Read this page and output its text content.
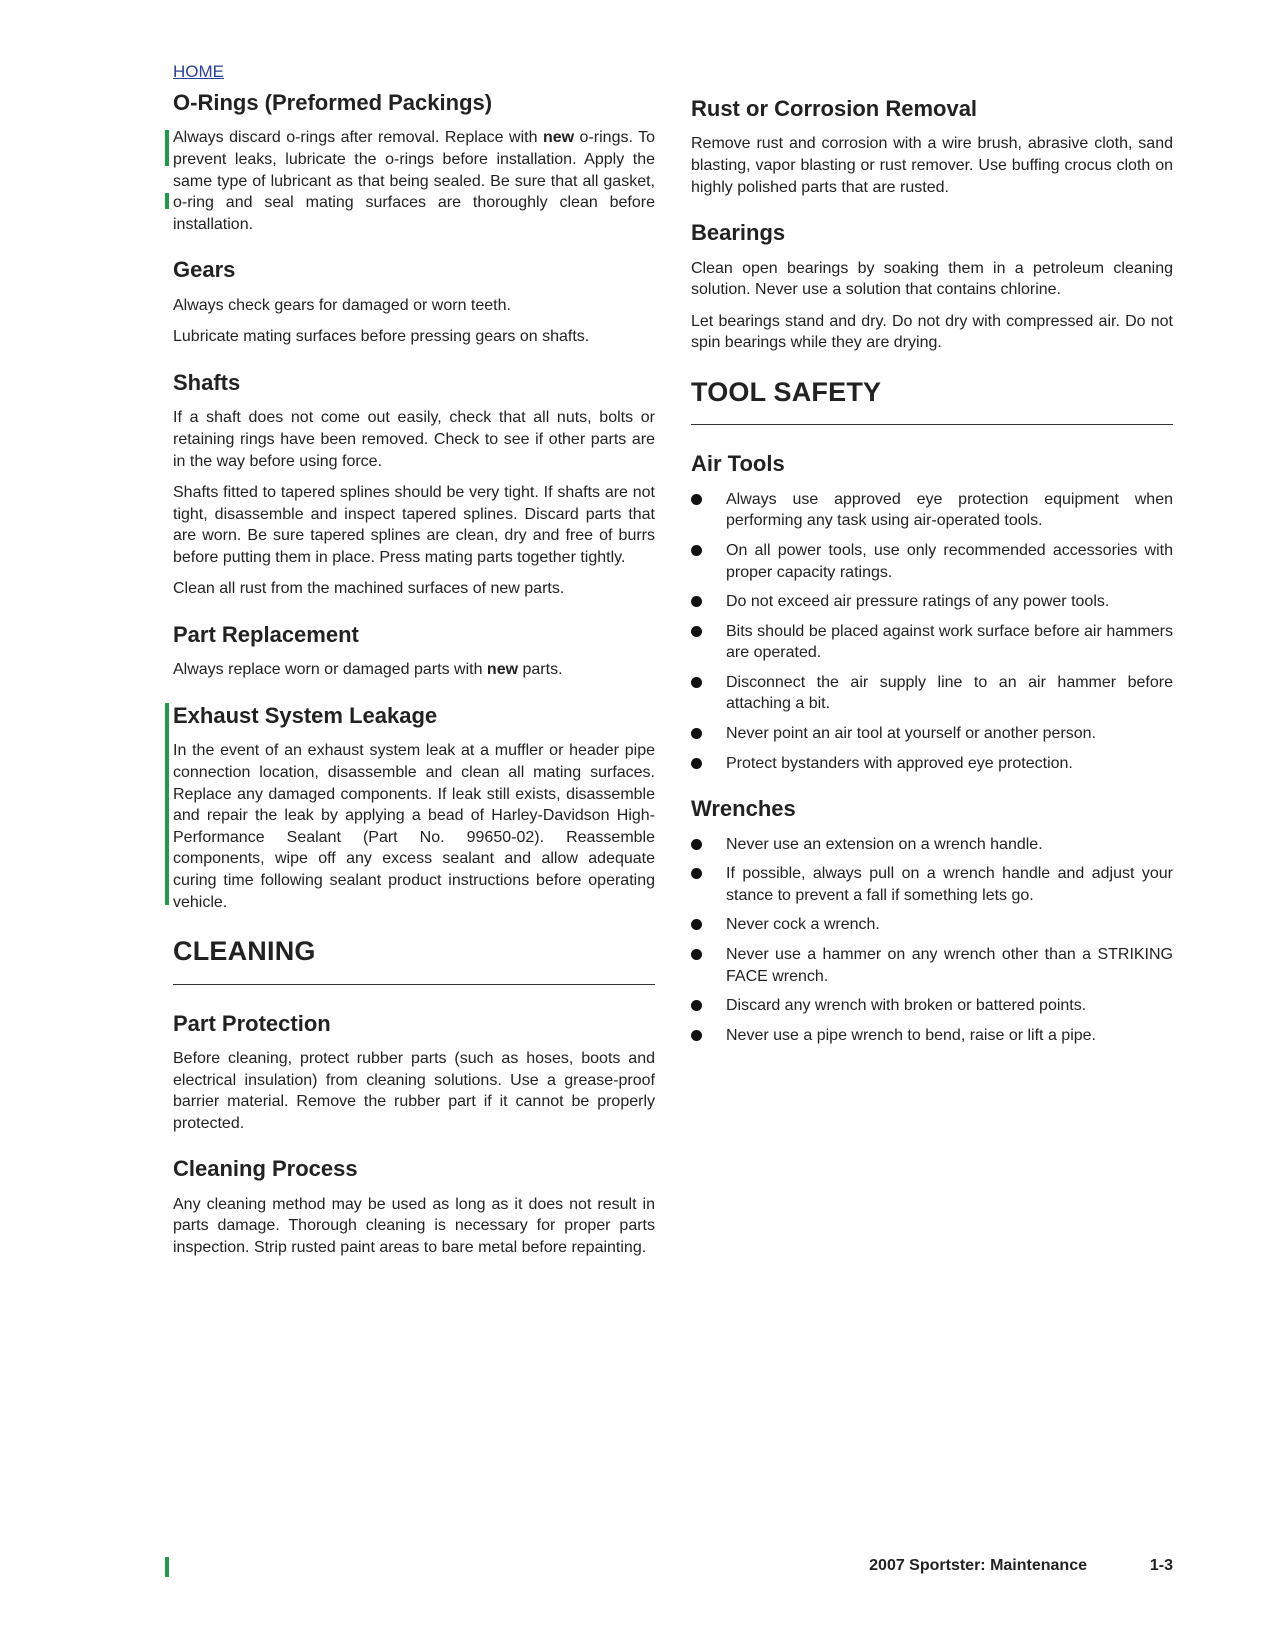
HOME
O-Rings (Preformed Packings)

Always discard o-rings after removal. Replace with new o-rings. To prevent leaks, lubricate the o-rings before installation. Apply the same type of lubricant as that being sealed. Be sure that all gasket, o-ring and seal mating surfaces are thoroughly clean before installation.

Gears

Always check gears for damaged or worn teeth.

Lubricate mating surfaces before pressing gears on shafts.

Shafts

If a shaft does not come out easily, check that all nuts, bolts or retaining rings have been removed. Check to see if other parts are in the way before using force.

Shafts fitted to tapered splines should be very tight. If shafts are not tight, disassemble and inspect tapered splines. Discard parts that are worn. Be sure tapered splines are clean, dry and free of burrs before putting them in place. Press mating parts together tightly.

Clean all rust from the machined surfaces of new parts.

Part Replacement

Always replace worn or damaged parts with new parts.

Exhaust System Leakage

In the event of an exhaust system leak at a muffler or header pipe connection location, disassemble and clean all mating surfaces. Replace any damaged components. If leak still exists, disassemble and repair the leak by applying a bead of Harley-Davidson High-Performance Sealant (Part No. 99650-02). Reassemble components, wipe off any excess sealant and allow adequate curing time following sealant product instructions before operating vehicle.

CLEANING
Part Protection

Before cleaning, protect rubber parts (such as hoses, boots and electrical insulation) from cleaning solutions. Use a grease-proof barrier material. Remove the rubber part if it cannot be properly protected.

Cleaning Process

Any cleaning method may be used as long as it does not result in parts damage. Thorough cleaning is necessary for proper parts inspection. Strip rusted paint areas to bare metal before repainting.

Rust or Corrosion Removal

Remove rust and corrosion with a wire brush, abrasive cloth, sand blasting, vapor blasting or rust remover. Use buffing crocus cloth on highly polished parts that are rusted.

Bearings

Clean open bearings by soaking them in a petroleum cleaning solution. Never use a solution that contains chlorine.

Let bearings stand and dry. Do not dry with compressed air. Do not spin bearings while they are drying.

TOOL SAFETY
Air Tools
Always use approved eye protection equipment when performing any task using air-operated tools.
On all power tools, use only recommended accessories with proper capacity ratings.
Do not exceed air pressure ratings of any power tools.
Bits should be placed against work surface before air hammers are operated.
Disconnect the air supply line to an air hammer before attaching a bit.
Never point an air tool at yourself or another person.
Protect bystanders with approved eye protection.
Wrenches
Never use an extension on a wrench handle.
If possible, always pull on a wrench handle and adjust your stance to prevent a fall if something lets go.
Never cock a wrench.
Never use a hammer on any wrench other than a STRIKING FACE wrench.
Discard any wrench with broken or battered points.
Never use a pipe wrench to bend, raise or lift a pipe.
2007 Sportster: Maintenance	1-3
